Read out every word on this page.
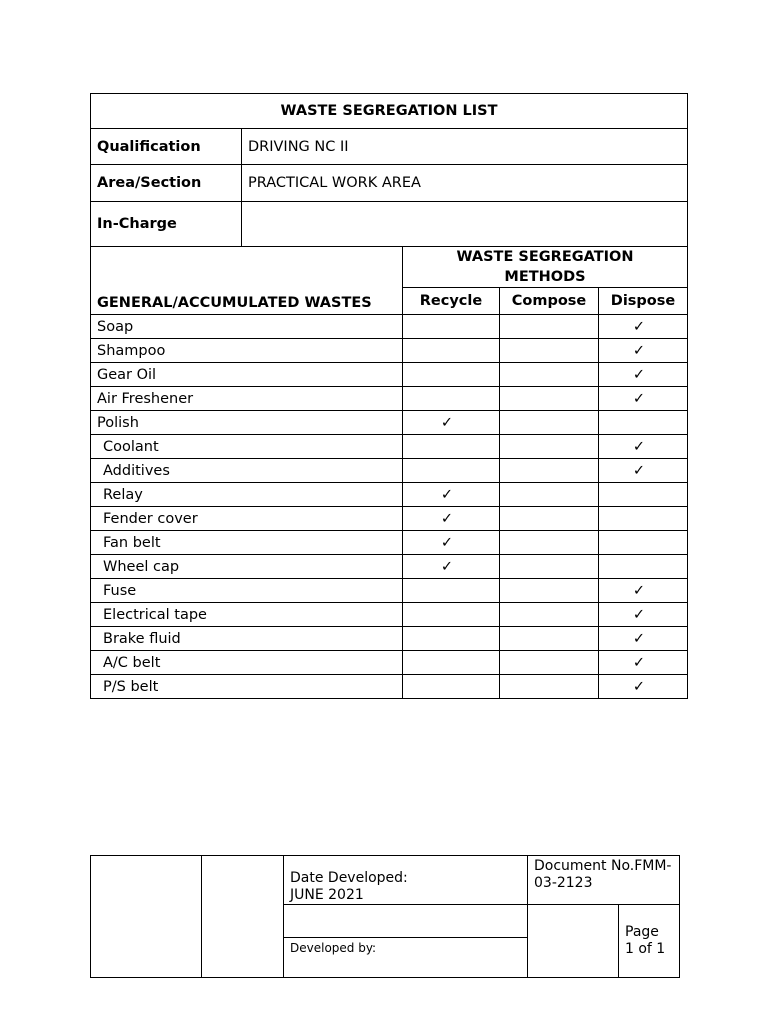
WASTE SEGREGATION LIST				
Qualification	DRIVING NC II			
Area/Section	PRACTICAL WORK AREA			
In-Charge				
GENERAL/ACCUMULATED WASTES		WASTE SEGREGATION
METHODS		
		Recycle	Compose	Dispose
Soap				✓
Shampoo				✓
Gear Oil				✓
Air Freshener				✓
Polish		✓		
Coolant				✓
Additives				✓
Relay		✓		
Fender cover		✓		
Fan belt		✓		
Wheel cap		✓		
Fuse				✓
Electrical tape				✓
Brake fluid				✓
A/C belt				✓
P/S belt				✓
		Date Developed:
JUNE 2021	Document No.FMM-03-2123	

		Developed by:		Page
1 of 1
